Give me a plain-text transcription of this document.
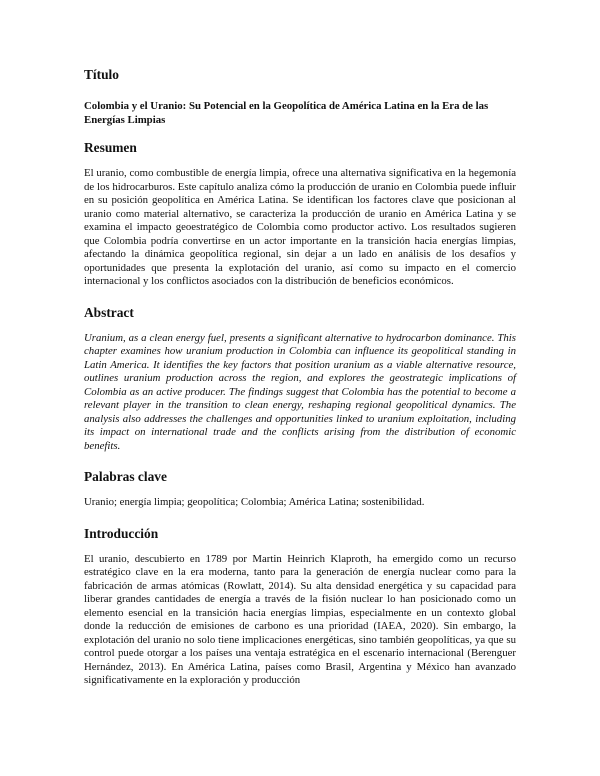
Título
Colombia y el Uranio: Su Potencial en la Geopolítica de América Latina en la Era de las Energías Limpias
Resumen

El uranio, como combustible de energía limpia, ofrece una alternativa significativa en la hegemonía de los hidrocarburos. Este capítulo analiza cómo la producción de uranio en Colombia puede influir en su posición geopolítica en América Latina. Se identifican los factores clave que posicionan al uranio como material alternativo, se caracteriza la producción de uranio en América Latina y se examina el impacto geoestratégico de Colombia como productor activo. Los resultados sugieren que Colombia podría convertirse en un actor importante en la transición hacia energías limpias, afectando la dinámica geopolítica regional, sin dejar a un lado en análisis de los desafíos y oportunidades que presenta la explotación del uranio, así como su impacto en el comercio internacional y los conflictos asociados con la distribución de beneficios económicos.

Abstract

Uranium, as a clean energy fuel, presents a significant alternative to hydrocarbon dominance. This chapter examines how uranium production in Colombia can influence its geopolitical standing in Latin America. It identifies the key factors that position uranium as a viable alternative resource, outlines uranium production across the region, and explores the geostrategic implications of Colombia as an active producer. The findings suggest that Colombia has the potential to become a relevant player in the transition to clean energy, reshaping regional geopolitical dynamics. The analysis also addresses the challenges and opportunities linked to uranium exploitation, including its impact on international trade and the conflicts arising from the distribution of economic benefits.

Palabras clave

Uranio; energía limpia; geopolítica; Colombia; América Latina; sostenibilidad.

Introducción

El uranio, descubierto en 1789 por Martin Heinrich Klaproth, ha emergido como un recurso estratégico clave en la era moderna, tanto para la generación de energía nuclear como para la fabricación de armas atómicas (Rowlatt, 2014). Su alta densidad energética y su capacidad para liberar grandes cantidades de energía a través de la fisión nuclear lo han posicionado como un elemento esencial en la transición hacia energías limpias, especialmente en un contexto global donde la reducción de emisiones de carbono es una prioridad (IAEA, 2020). Sin embargo, la explotación del uranio no solo tiene implicaciones energéticas, sino también geopolíticas, ya que su control puede otorgar a los países una ventaja estratégica en el escenario internacional (Berenguer Hernández, 2013). En América Latina, países como Brasil, Argentina y México han avanzado significativamente en la exploración y producción
